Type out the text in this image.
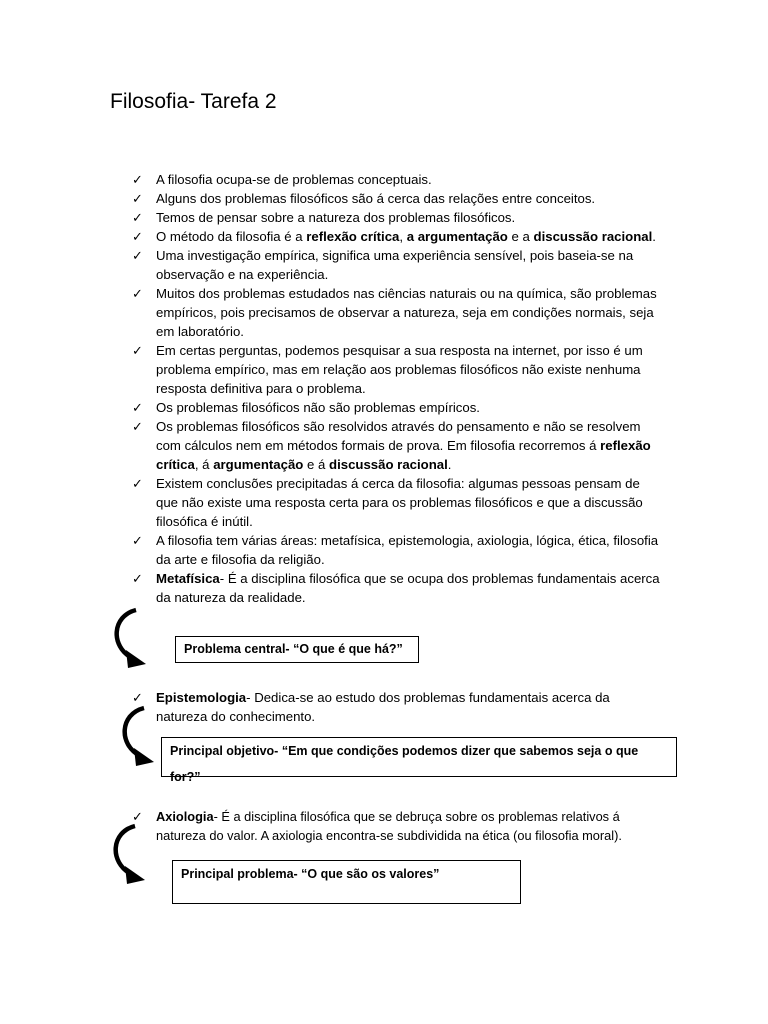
Filosofia- Tarefa 2
✓ A filosofia ocupa-se de problemas conceptuais.
✓ Alguns dos problemas filosóficos são á cerca das relações entre conceitos.
✓ Temos de pensar sobre a natureza dos problemas filosóficos.
✓ O método da filosofia é a reflexão crítica, a argumentação e a discussão racional.
✓ Uma investigação empírica, significa uma experiência sensível, pois baseia-se na observação e na experiência.
✓ Muitos dos problemas estudados nas ciências naturais ou na química, são problemas empíricos, pois precisamos de observar a natureza, seja em condições normais, seja em laboratório.
✓ Em certas perguntas, podemos pesquisar a sua resposta na internet, por isso é um problema empírico, mas em relação aos problemas filosóficos não existe nenhuma resposta definitiva para o problema.
✓ Os problemas filosóficos não são problemas empíricos.
✓ Os problemas filosóficos são resolvidos através do pensamento e não se resolvem com cálculos nem em métodos formais de prova. Em filosofia recorremos á reflexão crítica, á argumentação e á discussão racional.
✓ Existem conclusões precipitadas á cerca da filosofia: algumas pessoas pensam de que não existe uma resposta certa para os problemas filosóficos e que a discussão filosófica é inútil.
✓ A filosofia tem várias áreas: metafísica, epistemologia, axiologia, lógica, ética, filosofia da arte e filosofia da religião.
✓ Metafísica- É a disciplina filosófica que se ocupa dos problemas fundamentais acerca da natureza da realidade.
Problema central- “O que é que há?”
✓ Epistemologia- Dedica-se ao estudo dos problemas fundamentais acerca da natureza do conhecimento.
Principal objetivo- “Em que condições podemos dizer que sabemos seja o que for?”
✓ Axiologia- É a disciplina filosófica que se debruça sobre os problemas relativos á natureza do valor. A axiologia encontra-se subdividida na ética (ou filosofia moral).
Principal problema- “O que são os valores”
